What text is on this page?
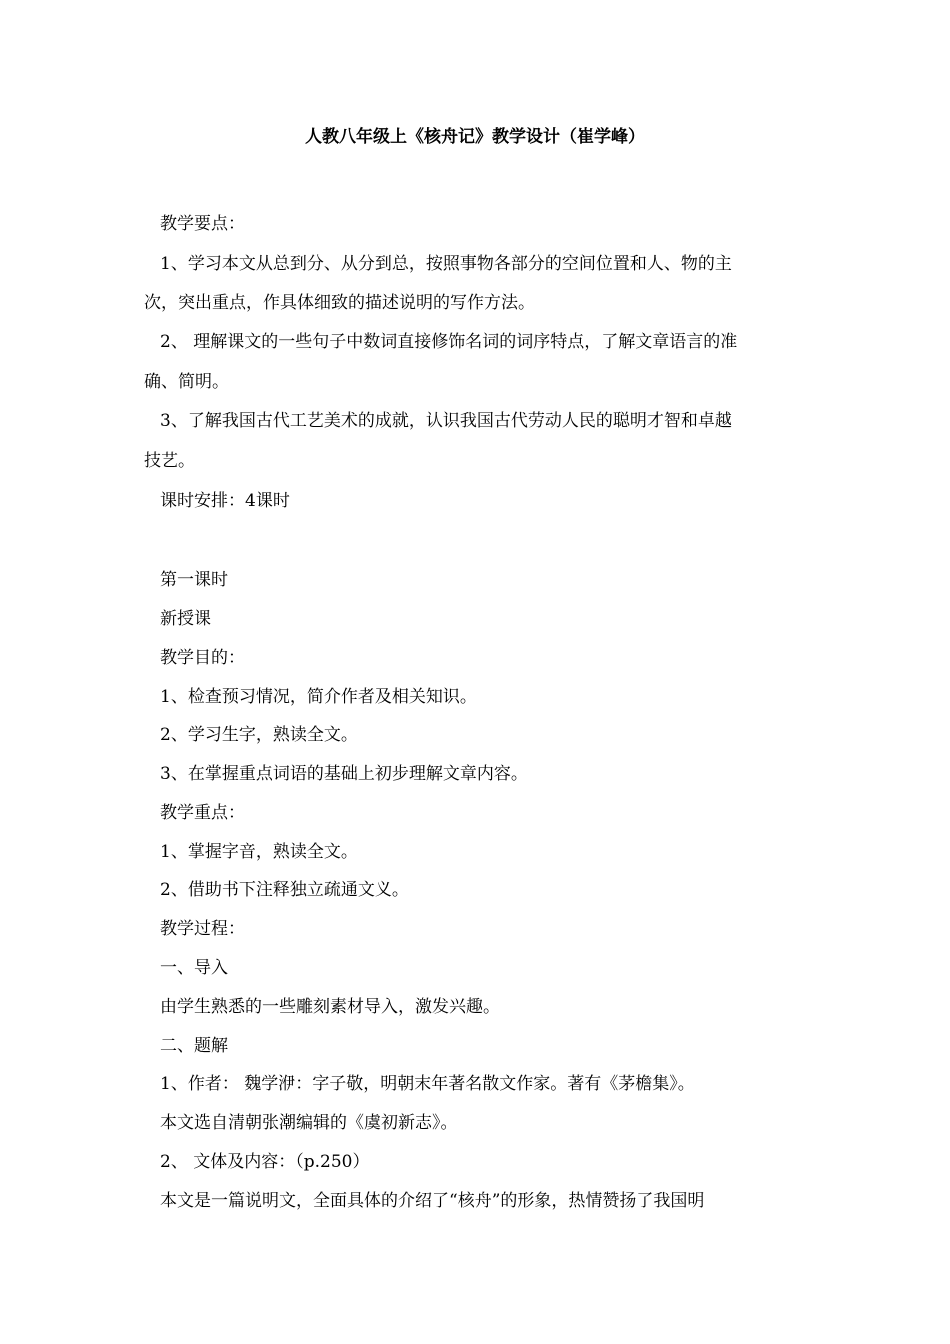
人教八年级上《核舟记》教学设计（崔学峰）
教学要点：
1、学习本文从总到分、从分到总，按照事物各部分的空间位置和人、物的主
次，突出重点，作具体细致的描述说明的写作方法。
2、 理解课文的一些句子中数词直接修饰名词的词序特点，了解文章语言的准
确、简明。
3、了解我国古代工艺美术的成就，认识我国古代劳动人民的聪明才智和卓越
技艺。
课时安排：4课时
第一课时
新授课
教学目的：
1、检查预习情况，简介作者及相关知识。
2、学习生字，熟读全文。
3、在掌握重点词语的基础上初步理解文章内容。
教学重点：
1、掌握字音，熟读全文。
2、借助书下注释独立疏通文义。
教学过程：
一、导入
由学生熟悉的一些雕刻素材导入，激发兴趣。
二、题解
1、作者： 魏学洢：字子敬，明朝末年著名散文作家。著有《茅檐集》。
本文选自清朝张潮编辑的《虞初新志》。
2、 文体及内容：（p.250）
本文是一篇说明文，全面具体的介绍了“核舟”的形象，热情赞扬了我国明
